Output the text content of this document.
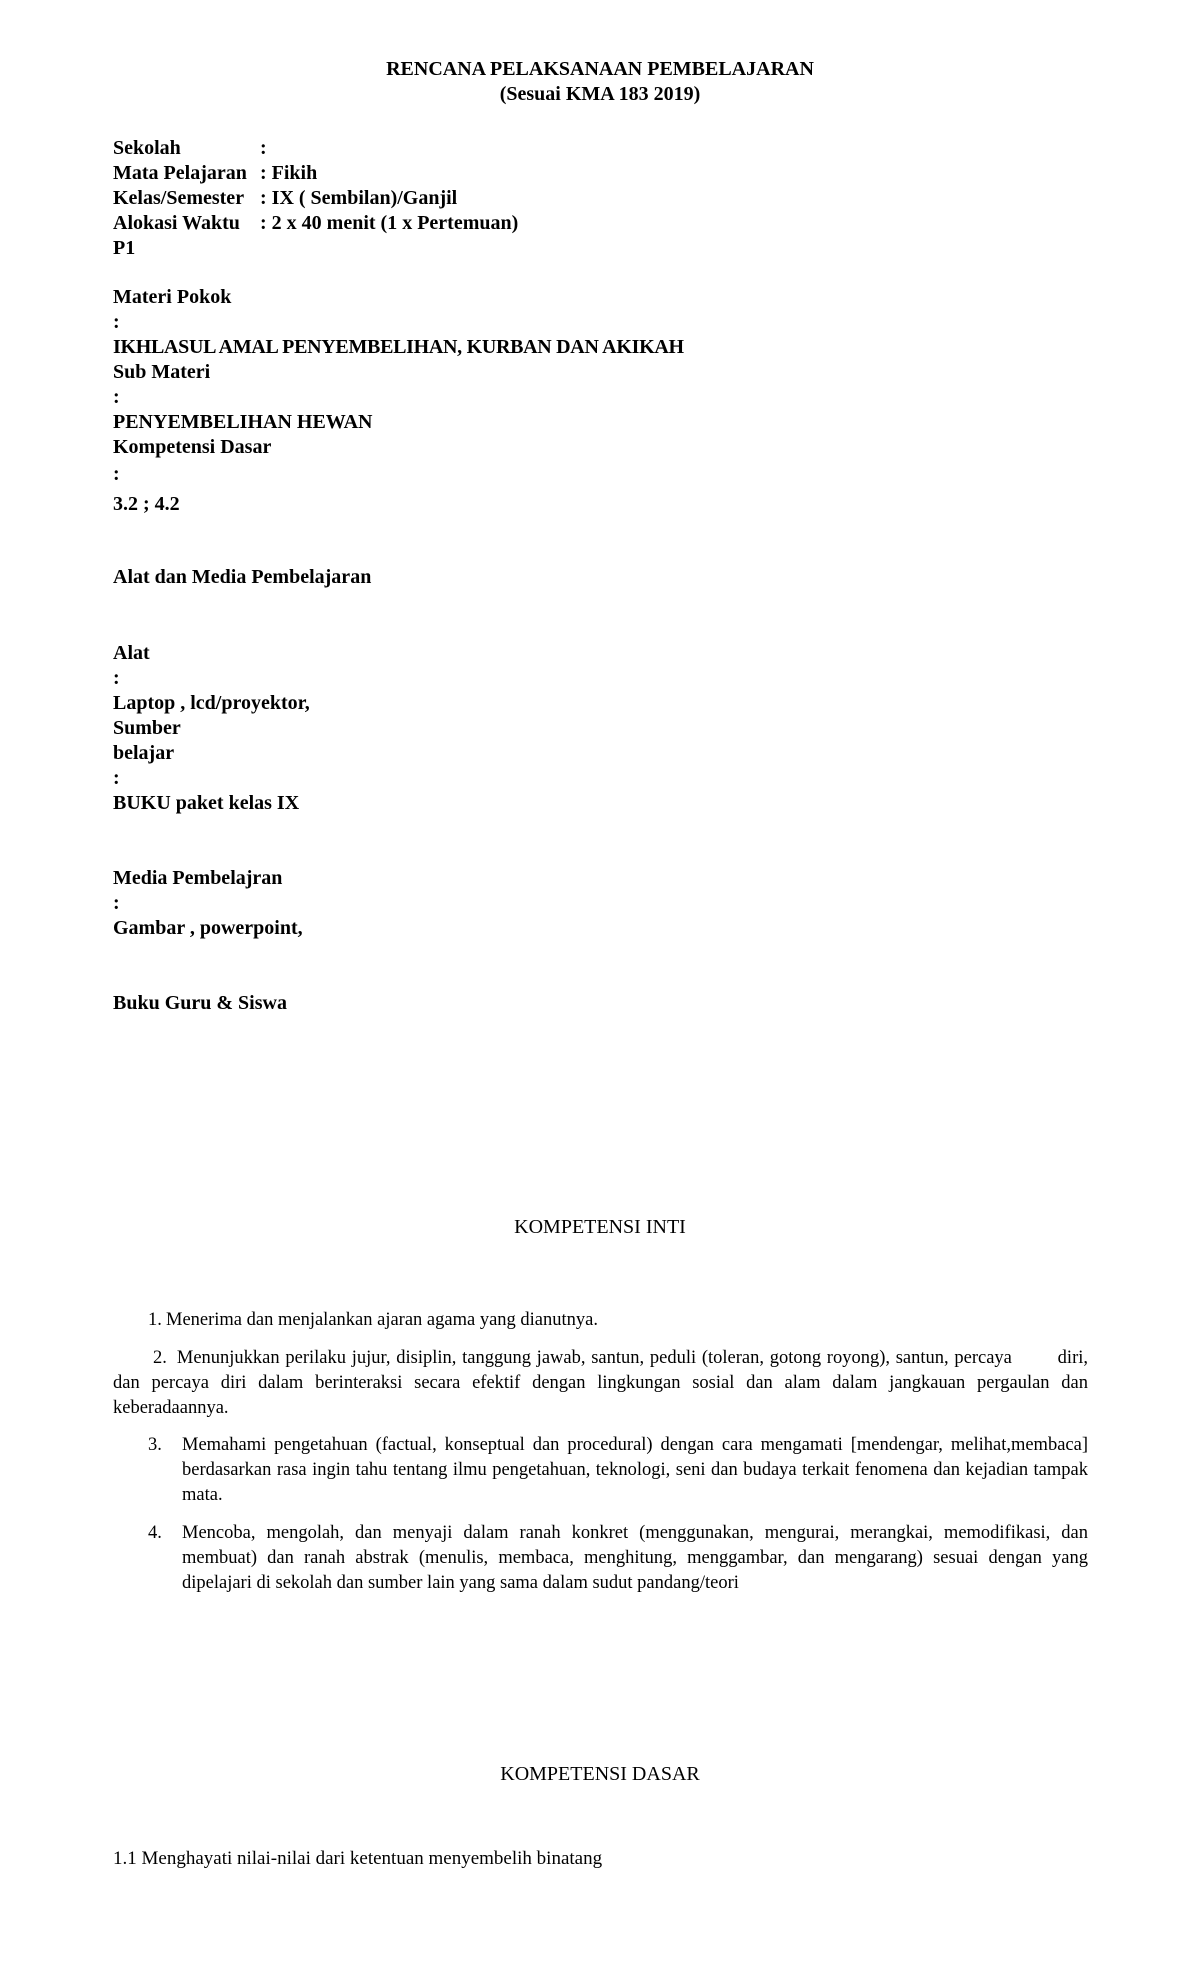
RENCANA PELAKSANAAN PEMBELAJARAN
(Sesuai KMA 183 2019)
Sekolah	:
Mata Pelajaran : Fikih
Kelas/Semester : IX ( Sembilan)/Ganjil
Alokasi Waktu : 2 x 40 menit (1 x Pertemuan)
P1
Materi Pokok
:
IKHLASUL AMAL PENYEMBELIHAN, KURBAN DAN AKIKAH
Sub Materi
:
PENYEMBELIHAN HEWAN
Kompetensi Dasar
:
3.2 ; 4.2
Alat dan Media Pembelajaran
Alat
:
Laptop , lcd/proyektor,
Sumber
belajar
:
BUKU paket kelas IX
Media Pembelajran
:
Gambar , powerpoint,
Buku Guru & Siswa
KOMPETENSI INTI
1. Menerima dan menjalankan ajaran agama yang dianutnya.
2. Menunjukkan perilaku jujur, disiplin, tanggung jawab, santun, peduli (toleran, gotong royong), santun, percaya        diri, dan percaya diri dalam berinteraksi secara efektif dengan lingkungan sosial dan alam dalam jangkauan pergaulan dan keberadaannya.
3.	Memahami pengetahuan (factual, konseptual dan procedural) dengan cara mengamati [mendengar, melihat,membaca] berdasarkan rasa ingin tahu tentang ilmu pengetahuan, teknologi, seni dan budaya terkait fenomena dan kejadian tampak mata.
4.	Mencoba, mengolah, dan menyaji dalam ranah konkret (menggunakan, mengurai, merangkai, memodifikasi, dan membuat) dan ranah abstrak (menulis, membaca, menghitung, menggambar, dan mengarang) sesuai dengan yang dipelajari di sekolah dan sumber lain yang sama dalam sudut pandang/teori
KOMPETENSI DASAR
1.1 Menghayati nilai-nilai dari ketentuan menyembelih binatang
